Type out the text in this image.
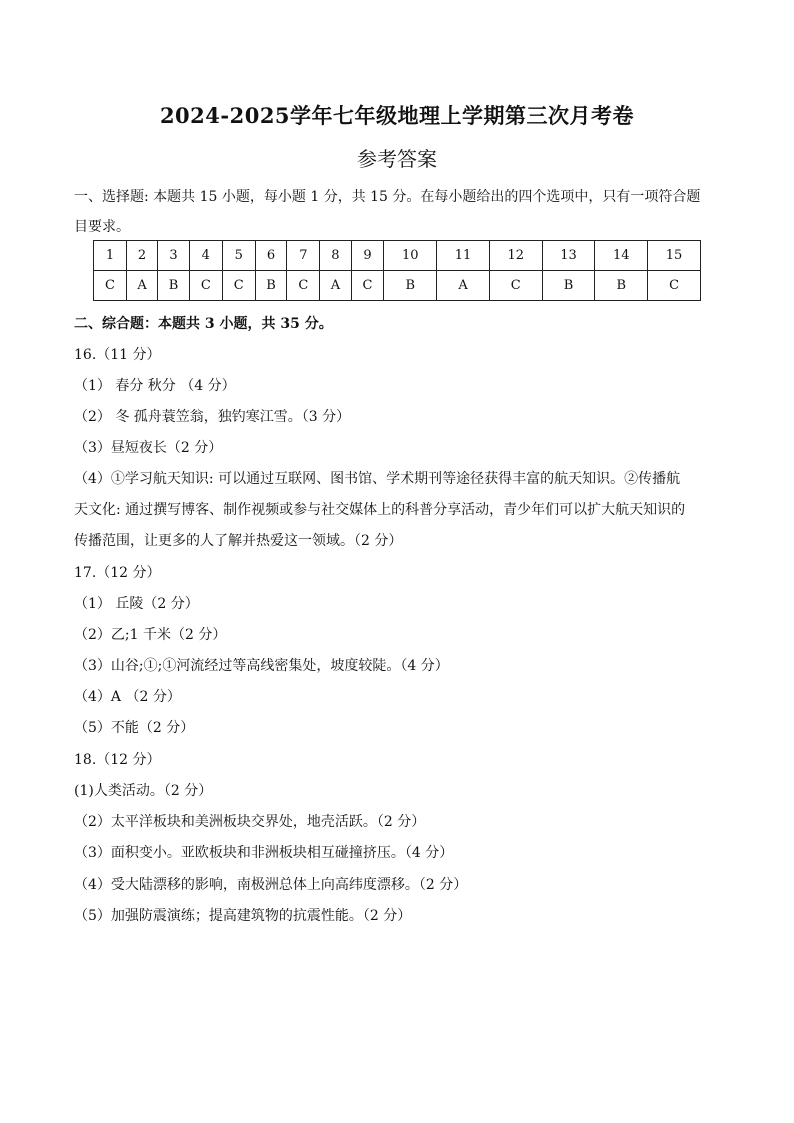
2024-2025学年七年级地理上学期第三次月考卷
参考答案
一、选择题: 本题共 15 小题，每小题 1 分，共 15 分。在每小题给出的四个选项中，只有一项符合题
目要求。
1	2	3	4	5	6	7	8	9	10	11	12	13	14	15
C	A	B	C	C	B	C	A	C	B	A	C	B	B	C
二、综合题：本题共 3 小题，共 35 分。
16.（11 分）
（1） 春分 秋分 （4 分）
（2） 冬 孤舟蓑笠翁，独钓寒江雪。（3 分）
（3）昼短夜长（2 分）
（4）①学习航天知识: 可以通过互联网、图书馆、学术期刊等途径获得丰富的航天知识。②传播航
天文化: 通过撰写博客、制作视频或参与社交媒体上的科普分享活动，青少年们可以扩大航天知识的
传播范围，让更多的人了解并热爱这一领域。（2 分）
17.（12 分）
（1） 丘陵（2 分）
（2）乙;1 千米（2 分）
（3）山谷;①;①河流经过等高线密集处，坡度较陡。（4 分）
（4）A （2 分）
（5）不能（2 分）
18.（12 分）
(1)人类活动。（2 分）
（2）太平洋板块和美洲板块交界处，地壳活跃。（2 分）
（3）面积变小。亚欧板块和非洲板块相互碰撞挤压。（4 分）
（4）受大陆漂移的影响，南极洲总体上向高纬度漂移。（2 分）
（5）加强防震演练；提高建筑物的抗震性能。（2 分）
